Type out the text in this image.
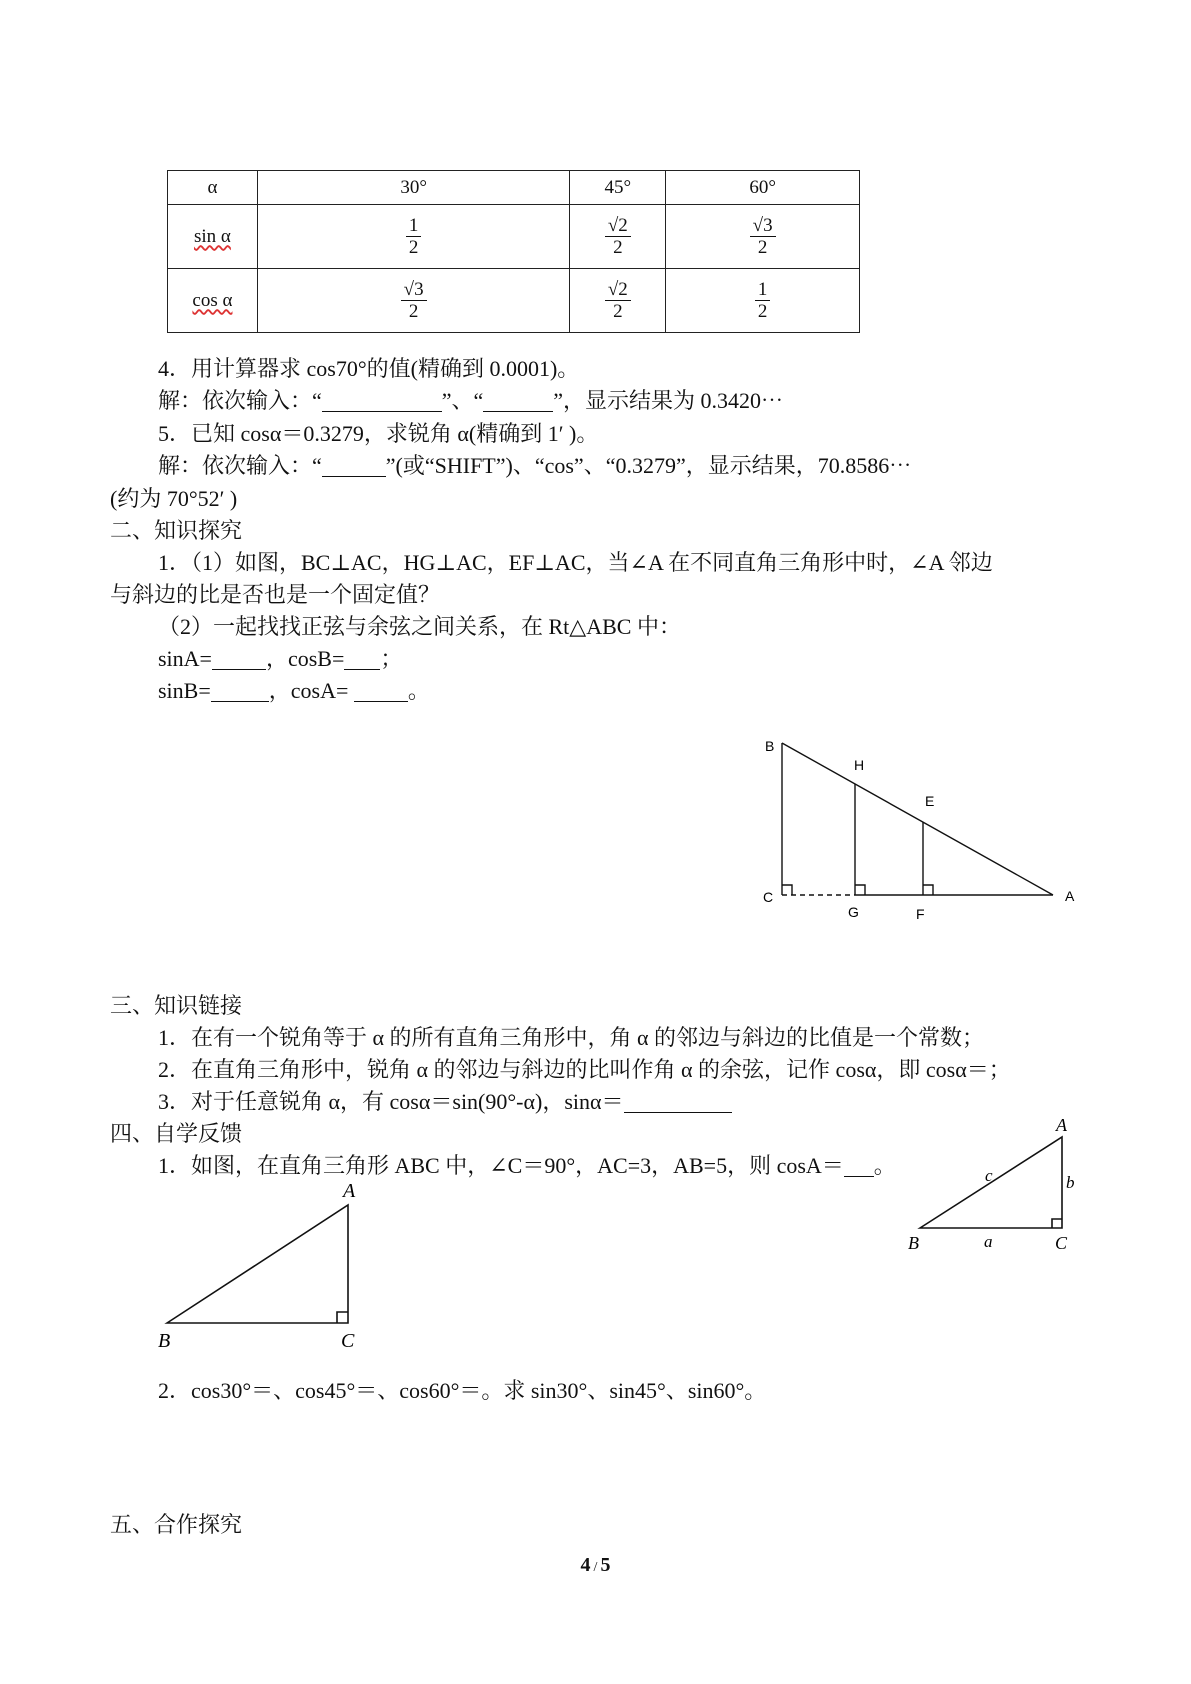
α	30°	45°	60°
sin α	$\frac{1}{2}$	$\frac{√2}{2}$	$\frac{√3}{2}$

cos α	$\frac{√3}{2}$	$\frac{√2}{2}$	$\frac{1}{2}$
4．用计算器求 cos70°的值(精确到 0.0001)。
解：依次输入：“	”、“	”，显示结果为 0.3420⋯
5．已知 cosα＝0.3279，求锐角 α(精确到 1′ )。
解：依次输入：“	”(或“SHIFT”)、“cos”、“0.3279”，显示结果，70.8586⋯
(约为 70°52′ )
二、知识探究
1．（1）如图，BC⊥AC，HG⊥AC，EF⊥AC，当∠A 在不同直角三角形中时，∠A 邻边
与斜边的比是否也是一个固定值？
（2）一起找找正弦与余弦之间关系，在 Rt△ABC 中：
sinA= ，cosB= ；
sinB=	，cosA= 。
B
H
E
C
G	F
A
三、知识链接
1．在有一个锐角等于 α 的所有直角三角形中，角 α 的邻边与斜边的比值是一个常数；
2．在直角三角形中，锐角 α 的邻边与斜边的比叫作角 α 的余弦，记作 cosα，即 cosα＝；
3．对于任意锐角 α，有 cosα＝sin(90°-α)，sinα＝
四、自学反馈
1．如图，在直角三角形 ABC 中，∠C＝90°，AC=3，AB=5，则 cosA＝ 。
A
c	b
B	a	C
A
B	C
2．cos30°＝、cos45°＝、cos60°＝。求 sin30°、sin45°、sin60°。
五、合作探究
4 / 5
